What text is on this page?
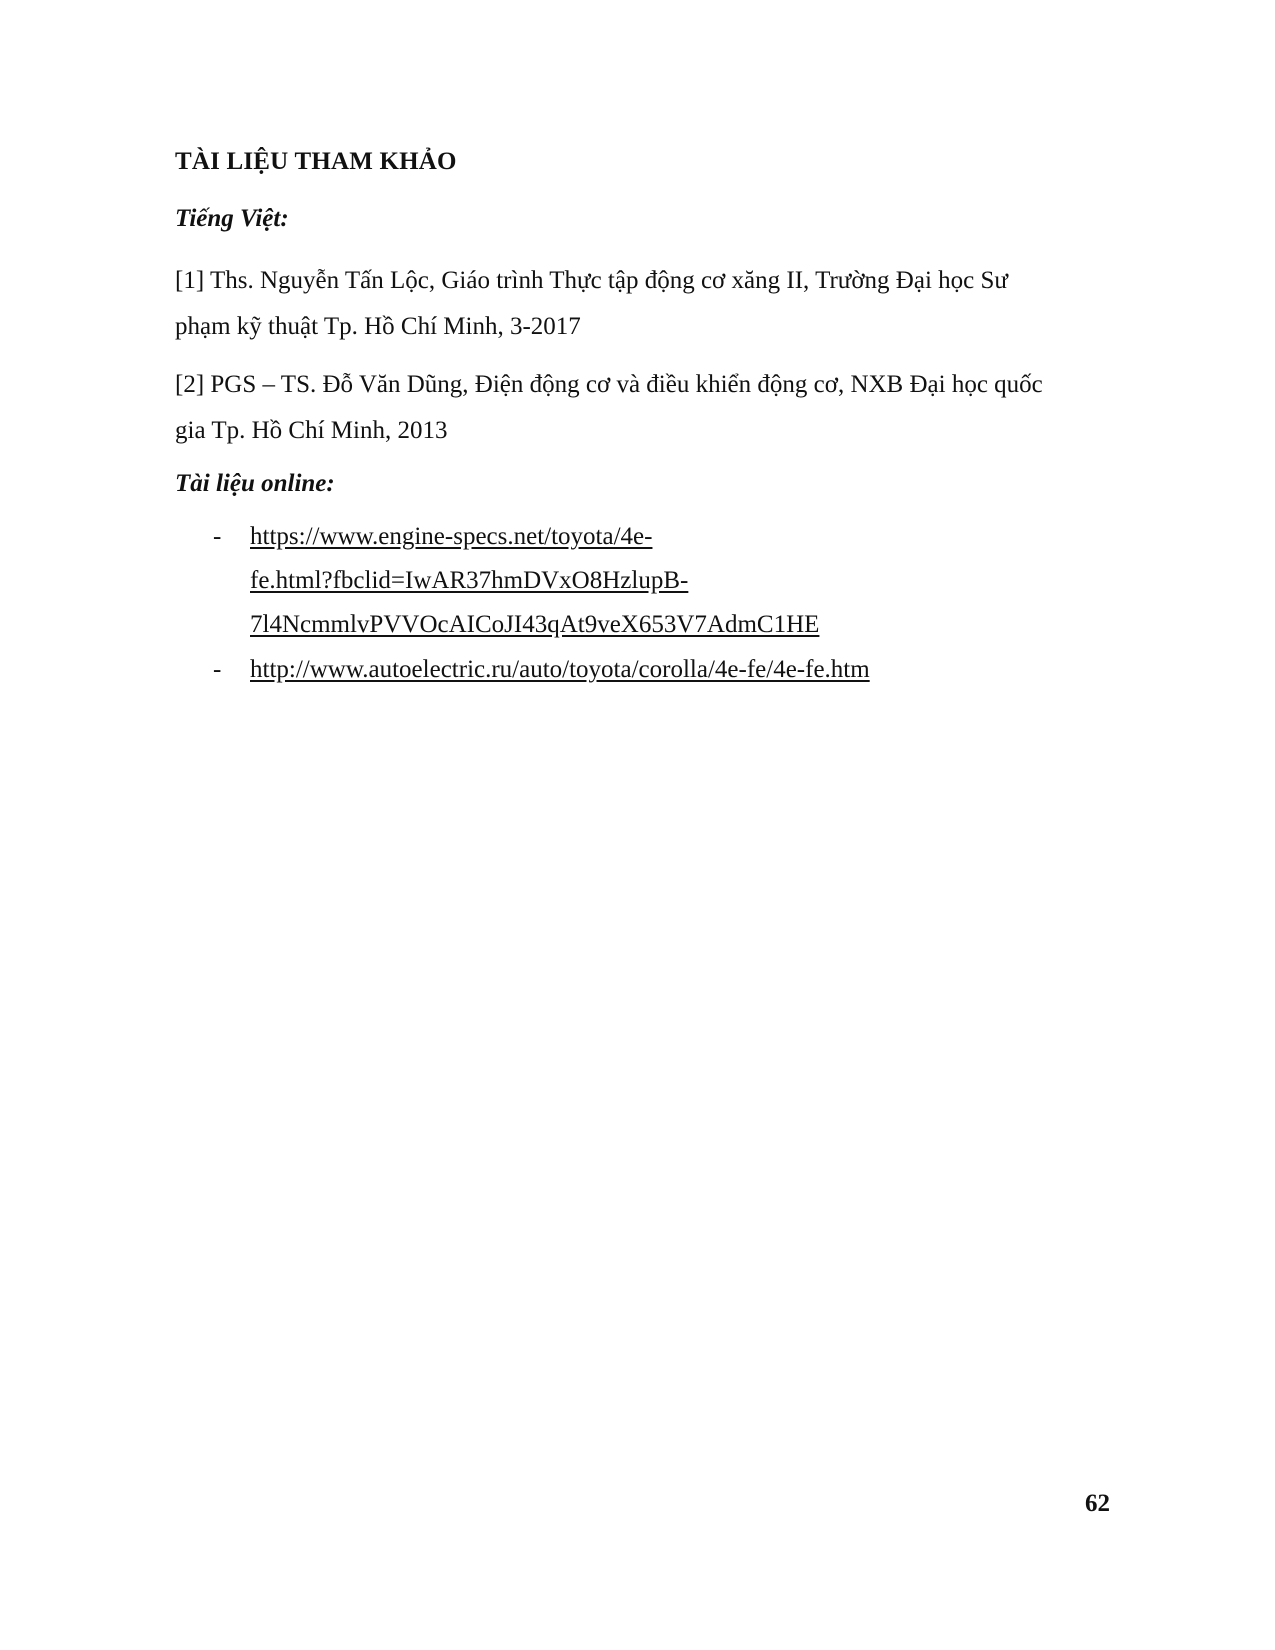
TÀI LIỆU THAM KHẢO
Tiếng Việt:
[1] Ths. Nguyễn Tấn Lộc, Giáo trình Thực tập động cơ xăng II, Trường Đại học Sư
phạm kỹ thuật Tp. Hồ Chí Minh, 3-2017
[2] PGS – TS. Đỗ Văn Dũng, Điện động cơ và điều khiển động cơ, NXB Đại học quốc
gia Tp. Hồ Chí Minh, 2013
Tài liệu online:
- https://www.engine-specs.net/toyota/4e-
fe.html?fbclid=IwAR37hmDVxO8HzlupB-
7l4NcmmlvPVVOcAICoJI43qAt9veX653V7AdmC1HE
- http://www.autoelectric.ru/auto/toyota/corolla/4e-fe/4e-fe.htm
62
